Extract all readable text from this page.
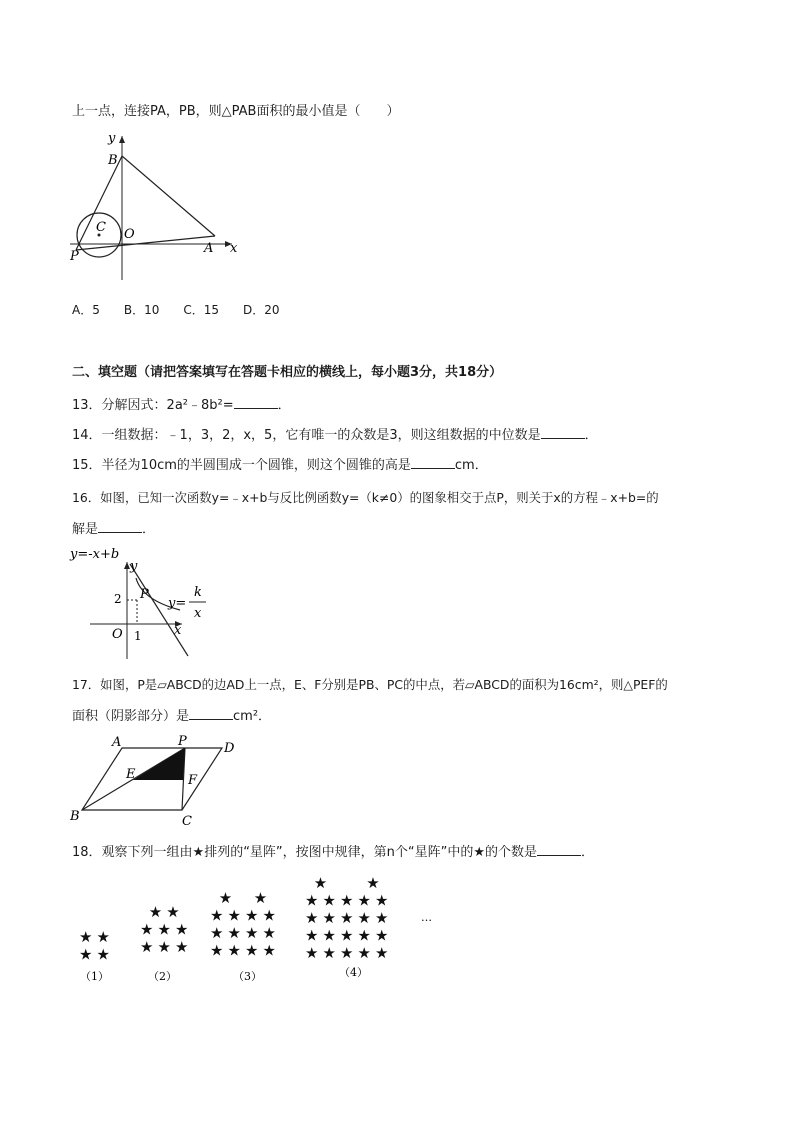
上一点，连接PA，PB，则△PAB面积的最小值是（　　）
y
B
C O
A x
P
A．5　　B．10　　C．15　　D．20
二、填空题（请把答案填写在答题卡相应的横线上，每小题3分，共18分）
13．分解因式：2a²﹣8b²=	．
14．一组数据：﹣1，3，2，x，5，它有唯一的众数是3，则这组数据的中位数是	．
15．半径为10cm的半圆围成一个圆锥，则这个圆锥的高是	cm．
16．如图，已知一次函数y=﹣x+b与反比例函数y=（k≠0）的图象相交于点P，则关于x的方程﹣x+b=的
解是	．
y=-x+b
y
2 P
y=
k
x
x
O 1
17．如图，P是▱ABCD的边AD上一点，E、F分别是PB、PC的中点，若▱ABCD的面积为16cm²，则△PEF的
面积（阴影部分）是	cm²．
A	P	D
E	F
B	C
18．观察下列一组由★排列的“星阵”，按图中规律，第n个“星阵”中的★的个数是	．
★ ★
★ ★
（1）
★ ★
★ ★ ★
★ ★ ★
（2）
★ ★
★ ★ ★ ★
★ ★ ★ ★
★ ★ ★ ★
（3）
★	★
★ ★ ★ ★ ★
★ ★ ★ ★ ★
★ ★ ★ ★ ★
★ ★ ★ ★ ★
（4）
…
